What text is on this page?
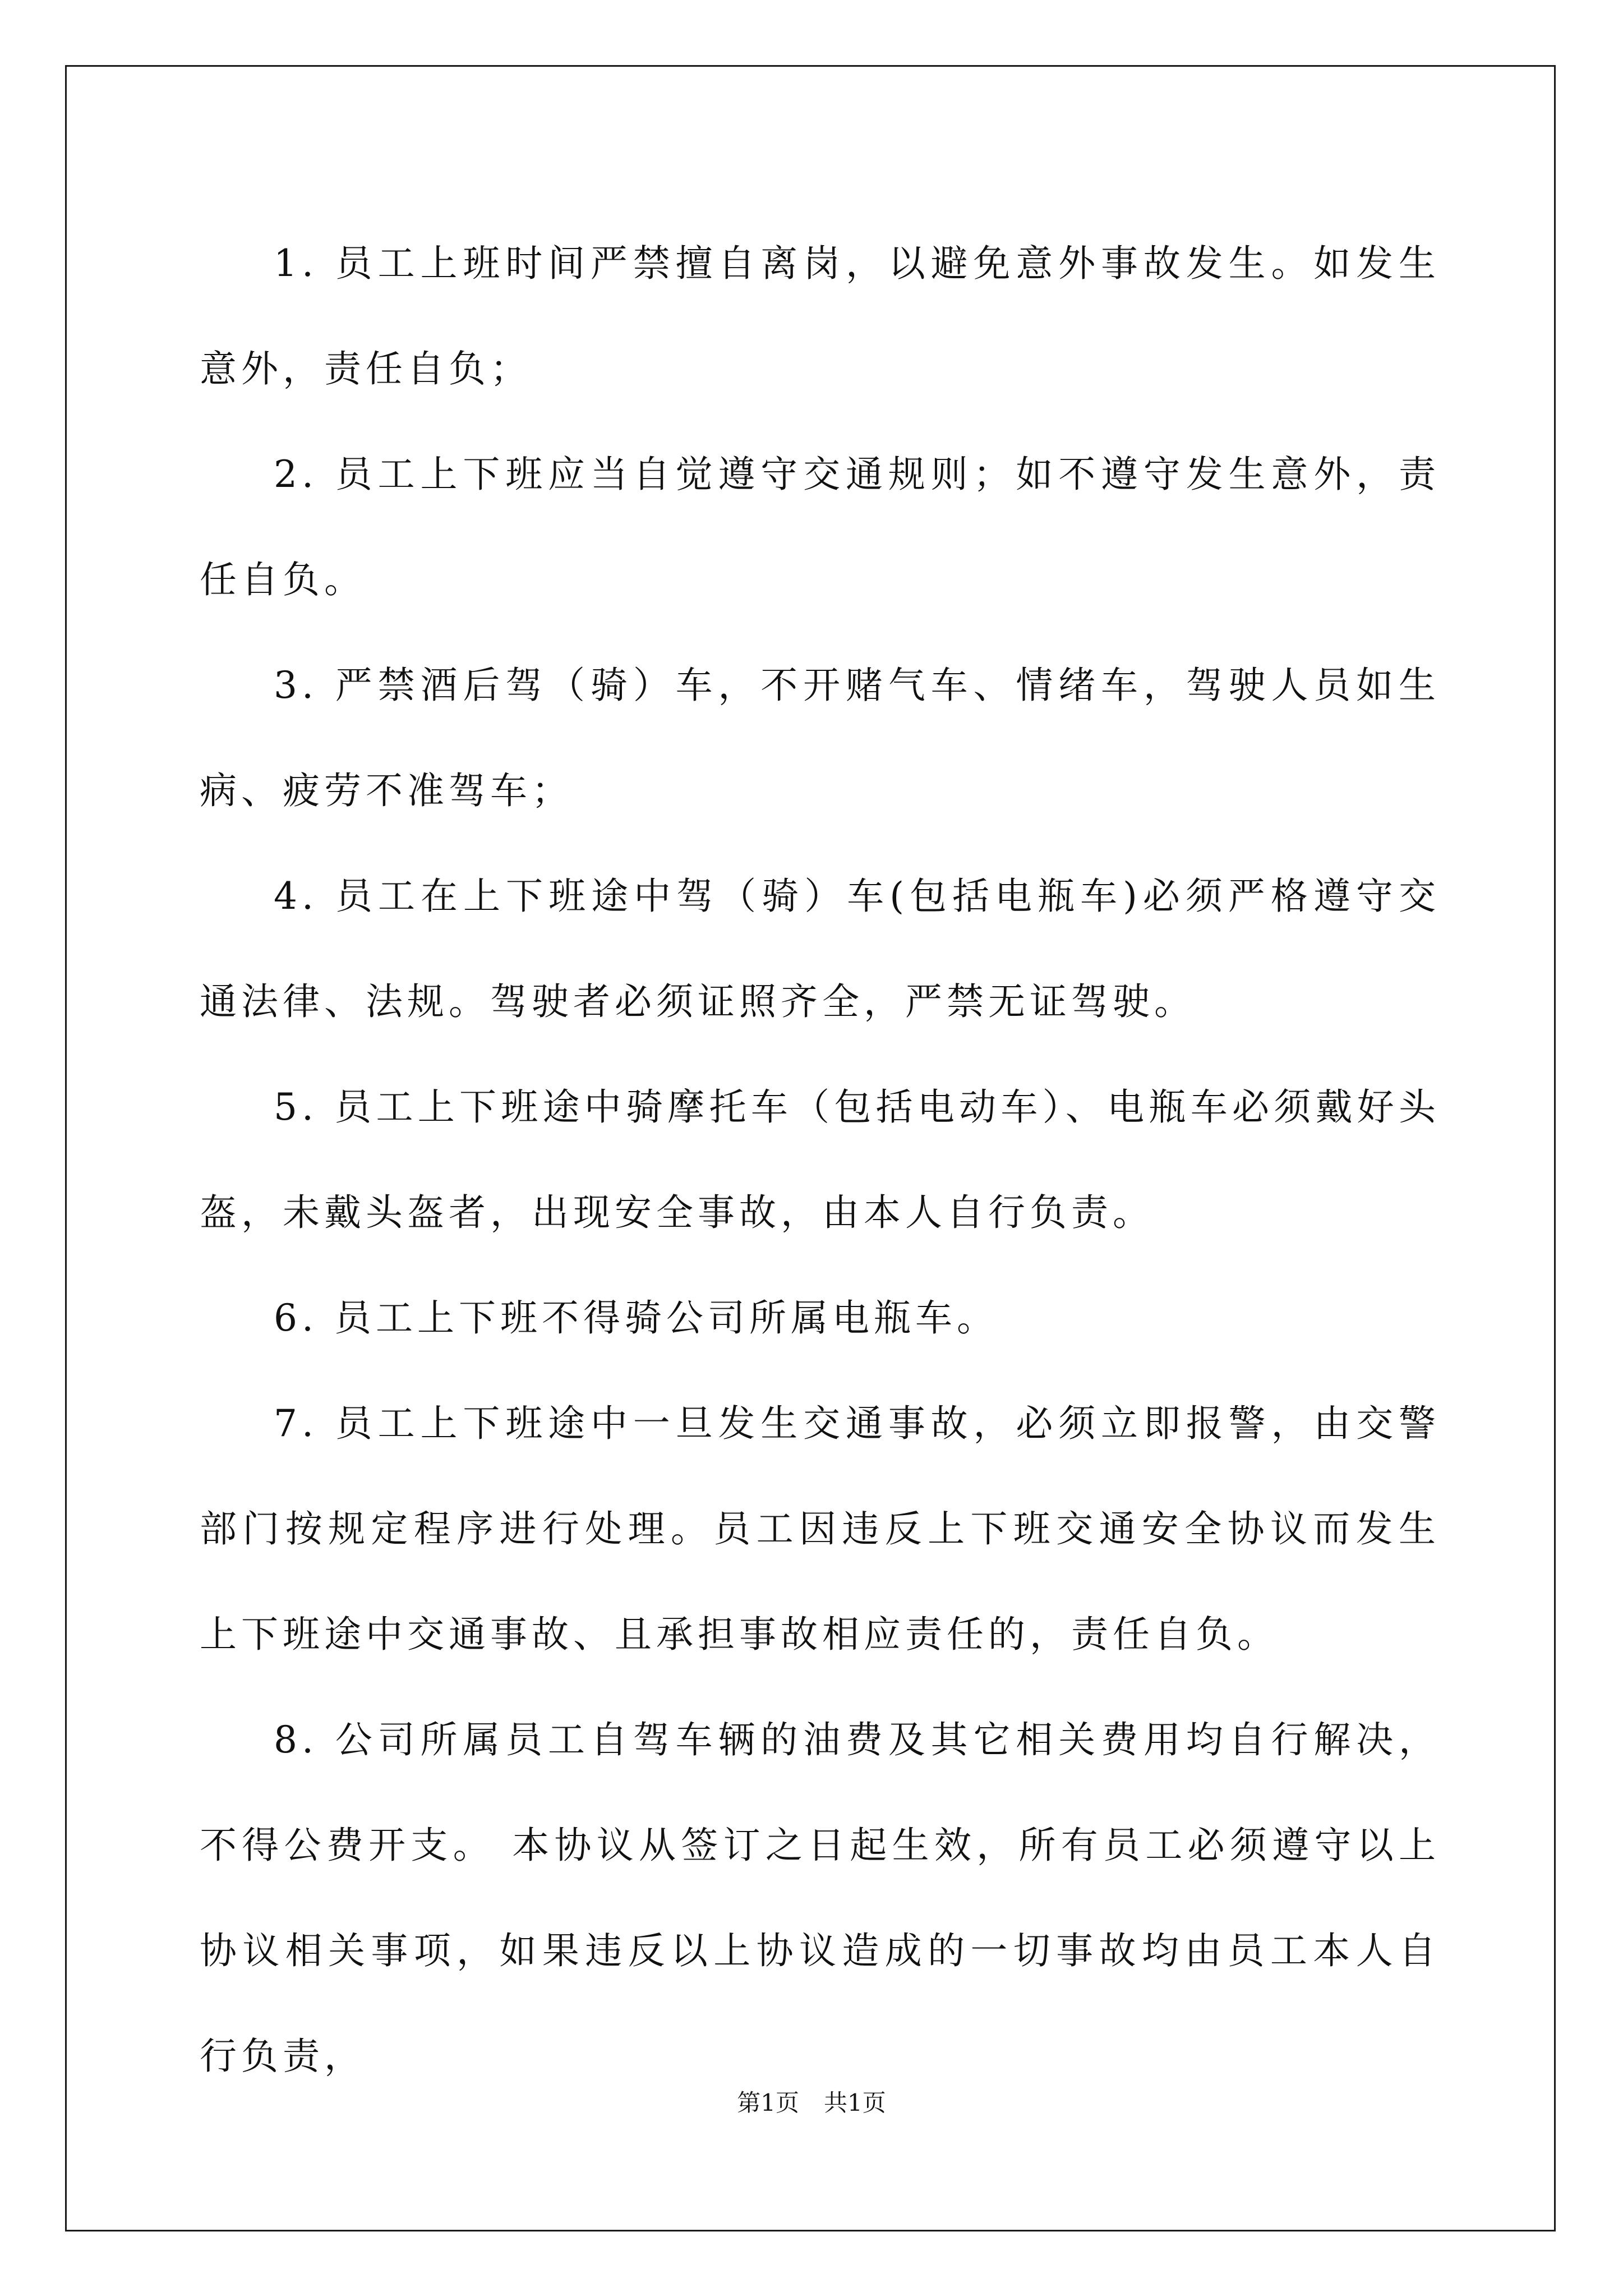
1. 员工上班时间严禁擅自离岗，以避免意外事故发生。如发生意外，责任自负；

2. 员工上下班应当自觉遵守交通规则；如不遵守发生意外，责任自负。

3. 严禁酒后驾（骑）车，不开赌气车、情绪车，驾驶人员如生病、疲劳不准驾车；

4. 员工在上下班途中驾（骑）车(包括电瓶车)必须严格遵守交通法律、法规。驾驶者必须证照齐全，严禁无证驾驶。

5. 员工上下班途中骑摩托车（包括电动车）、电瓶车必须戴好头盔，未戴头盔者，出现安全事故，由本人自行负责。

6. 员工上下班不得骑公司所属电瓶车。

7. 员工上下班途中一旦发生交通事故，必须立即报警，由交警部门按规定程序进行处理。员工因违反上下班交通安全协议而发生上下班途中交通事故、且承担事故相应责任的，责任自负。

8. 公司所属员工自驾车辆的油费及其它相关费用均自行解决，不得公费开支。 本协议从签订之日起生效，所有员工必须遵守以上协议相关事项，如果违反以上协议造成的一切事故均由员工本人自行负责，

第1页 共1页
